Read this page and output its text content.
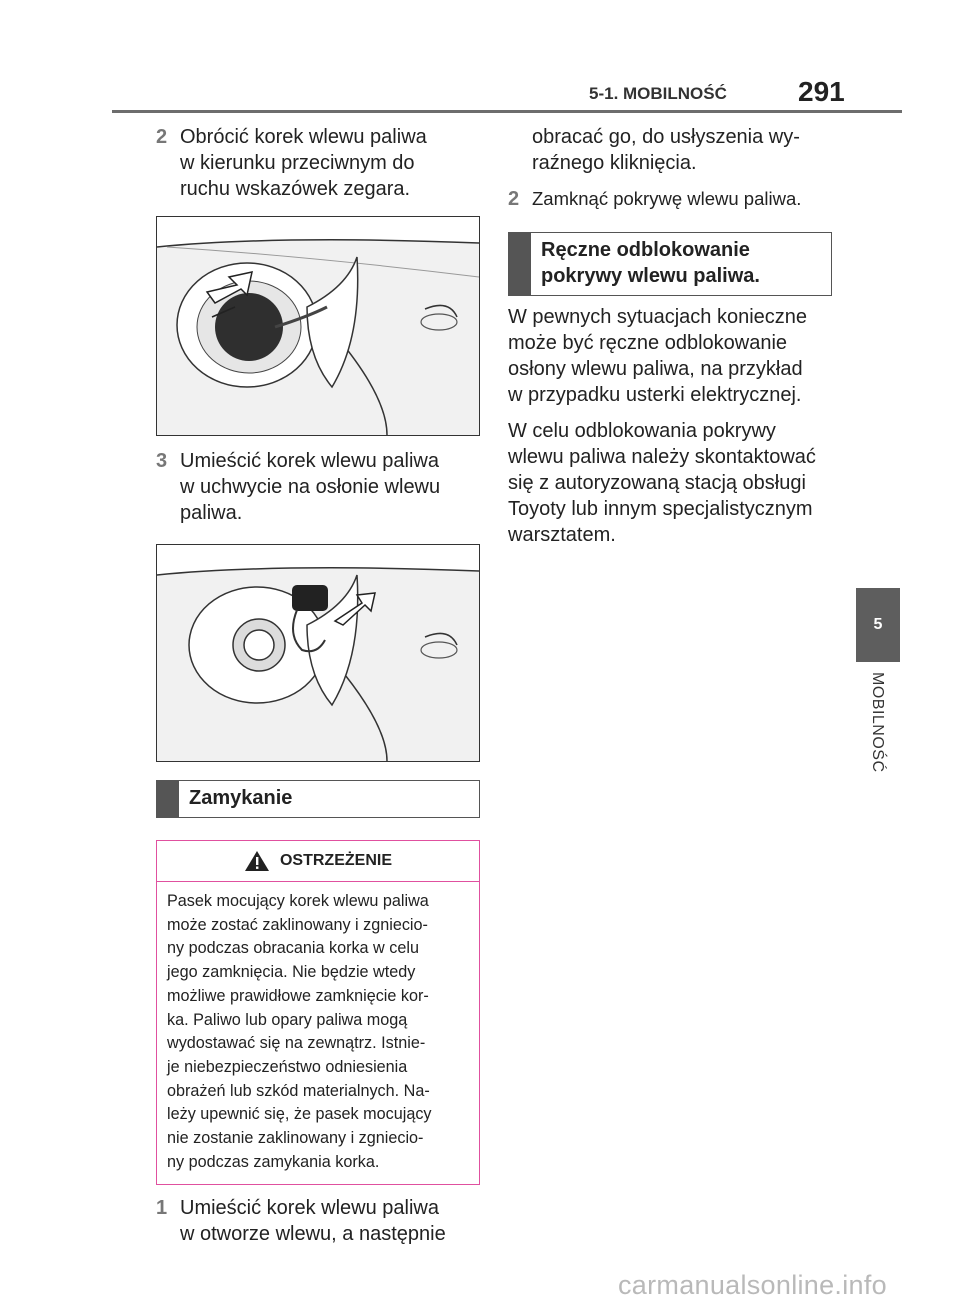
5-1. MOBILNOŚĆ	291
2 Obrócić korek wlewu paliwa
w kierunku przeciwnym do
ruchu wskazówek zegara.
3 Umieścić korek wlewu paliwa
w uchwycie na osłonie wlewu
paliwa.
Zamykanie
OSTRZEŻENIE
Pasek mocujący korek wlewu paliwa
może zostać zaklinowany i zgniecio-
ny podczas obracania korka w celu
jego zamknięcia. Nie będzie wtedy
możliwe prawidłowe zamknięcie kor-
ka. Paliwo lub opary paliwa mogą
wydostawać się na zewnątrz. Istnie-
je niebezpieczeństwo odniesienia
obrażeń lub szkód materialnych. Na-
leży upewnić się, że pasek mocujący
nie zostanie zaklinowany i zgniecio-
ny podczas zamykania korka.
1 Umieścić korek wlewu paliwa
w otworze wlewu, a następnie
obracać go, do usłyszenia wy-
raźnego kliknięcia.
2 Zamknąć pokrywę wlewu paliwa.
Ręczne odblokowanie
pokrywy wlewu paliwa.
W pewnych sytuacjach konieczne
może być ręczne odblokowanie
osłony wlewu paliwa, na przykład
w przypadku usterki elektrycznej.
W celu odblokowania pokrywy
wlewu paliwa należy skontaktować
się z autoryzowaną stacją obsługi
Toyoty lub innym specjalistycznym
warsztatem.
5
MOBILNOŚĆ
carmanualsonline.info
